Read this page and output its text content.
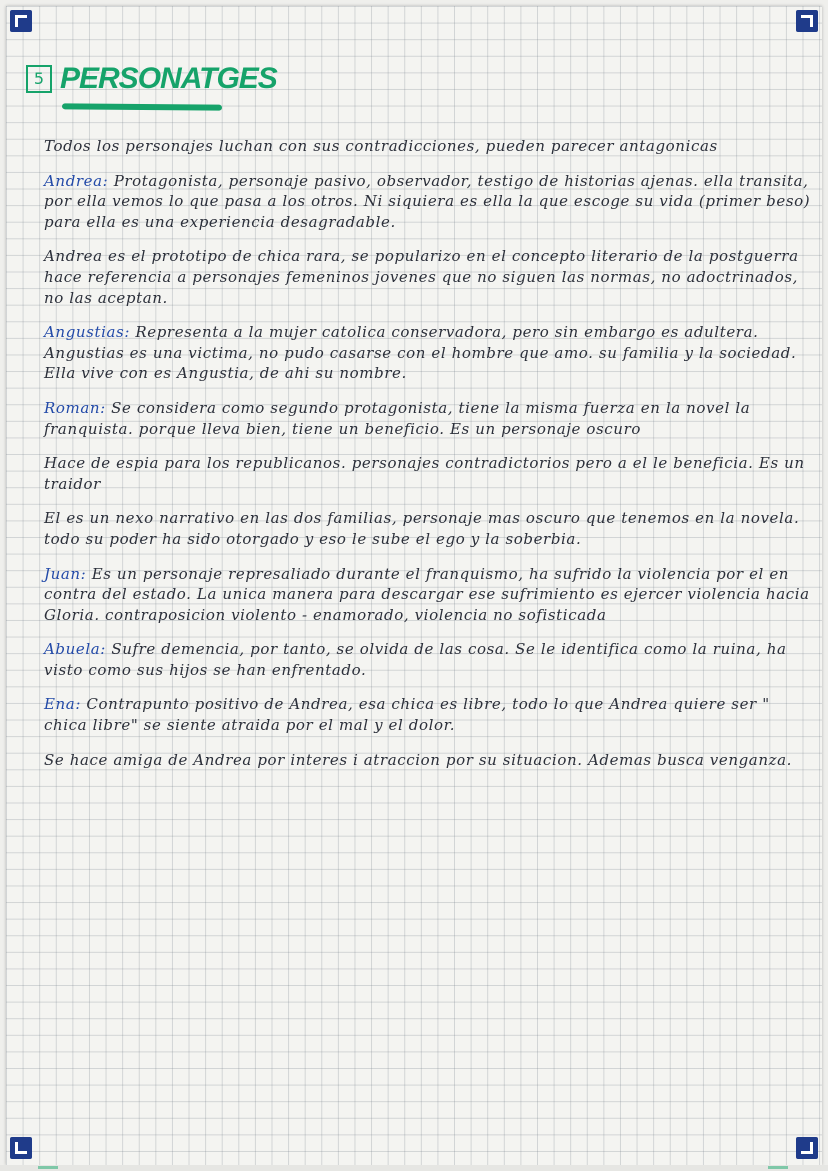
5 PERSONATGES

Todos los personajes luchan con sus contradicciones, pueden parecer antagonicas

Andrea: Protagonista, personaje pasivo, observador, testigo de historias ajenas. ella transita, por ella vemos lo que pasa a los otros. Ni siquiera es ella la que escoge su vida (primer beso) para ella es una experiencia desagradable.

Andrea es el prototipo de chica rara, se popularizo en el concepto literario de la postguerra hace referencia a personajes femeninos jovenes que no siguen las normas, no adoctrinados, no las aceptan.

Angustias: Representa a la mujer catolica conservadora, pero sin embargo es adultera. Angustias es una victima, no pudo casarse con el hombre que amo. su familia y la sociedad. Ella vive con es Angustia, de ahi su nombre.

Roman: Se considera como segundo protagonista, tiene la misma fuerza en la novel la franquista. porque lleva bien, tiene un beneficio. Es un personaje oscuro

Hace de espia para los republicanos. personajes contradictorios pero a el le beneficia. Es un traidor

El es un nexo narrativo en las dos familias, personaje mas oscuro que tenemos en la novela. todo su poder ha sido otorgado y eso le sube el ego y la soberbia.

Juan: Es un personaje represaliado durante el franquismo, ha sufrido la violencia por el en contra del estado. La unica manera para descargar ese sufrimiento es ejercer violencia hacia Gloria. contraposicion violento - enamorado, violencia no sofisticada

Abuela: Sufre demencia, por tanto, se olvida de las cosa. Se le identifica como la ruina, ha visto como sus hijos se han enfrentado.

Ena: Contrapunto positivo de Andrea, esa chica es libre, todo lo que Andrea quiere ser " chica libre" se siente atraida por el mal y el dolor.

Se hace amiga de Andrea por interes i atraccion por su situacion. Ademas busca venganza.
